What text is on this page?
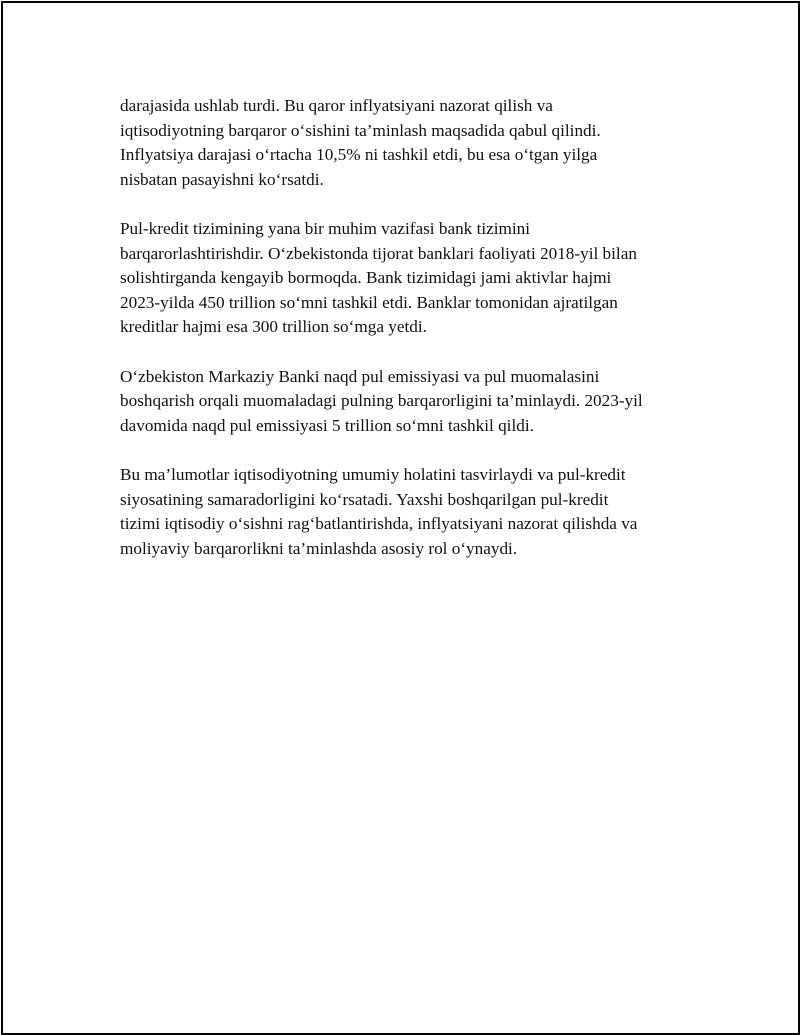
darajasida ushlab turdi. Bu qaror inflyatsiyani nazorat qilish va
iqtisodiyotning barqaror o‘sishini ta’minlash maqsadida qabul qilindi.
Inflyatsiya darajasi o‘rtacha 10,5% ni tashkil etdi, bu esa o‘tgan yilga
nisbatan pasayishni ko‘rsatdi.

Pul-kredit tizimining yana bir muhim vazifasi bank tizimini
barqarorlashtirishdir. O‘zbekistonda tijorat banklari faoliyati 2018-yil bilan
solishtirganda kengayib bormoqda. Bank tizimidagi jami aktivlar hajmi
2023-yilda 450 trillion so‘mni tashkil etdi. Banklar tomonidan ajratilgan
kreditlar hajmi esa 300 trillion so‘mga yetdi.

O‘zbekiston Markaziy Banki naqd pul emissiyasi va pul muomalasini
boshqarish orqali muomaladagi pulning barqarorligini ta’minlaydi. 2023-yil
davomida naqd pul emissiyasi 5 trillion so‘mni tashkil qildi.

Bu ma’lumotlar iqtisodiyotning umumiy holatini tasvirlaydi va pul-kredit
siyosatining samaradorligini ko‘rsatadi. Yaxshi boshqarilgan pul-kredit
tizimi iqtisodiy o‘sishni rag‘batlantirishda, inflyatsiyani nazorat qilishda va
moliyaviy barqarorlikni ta’minlashda asosiy rol o‘ynaydi.
